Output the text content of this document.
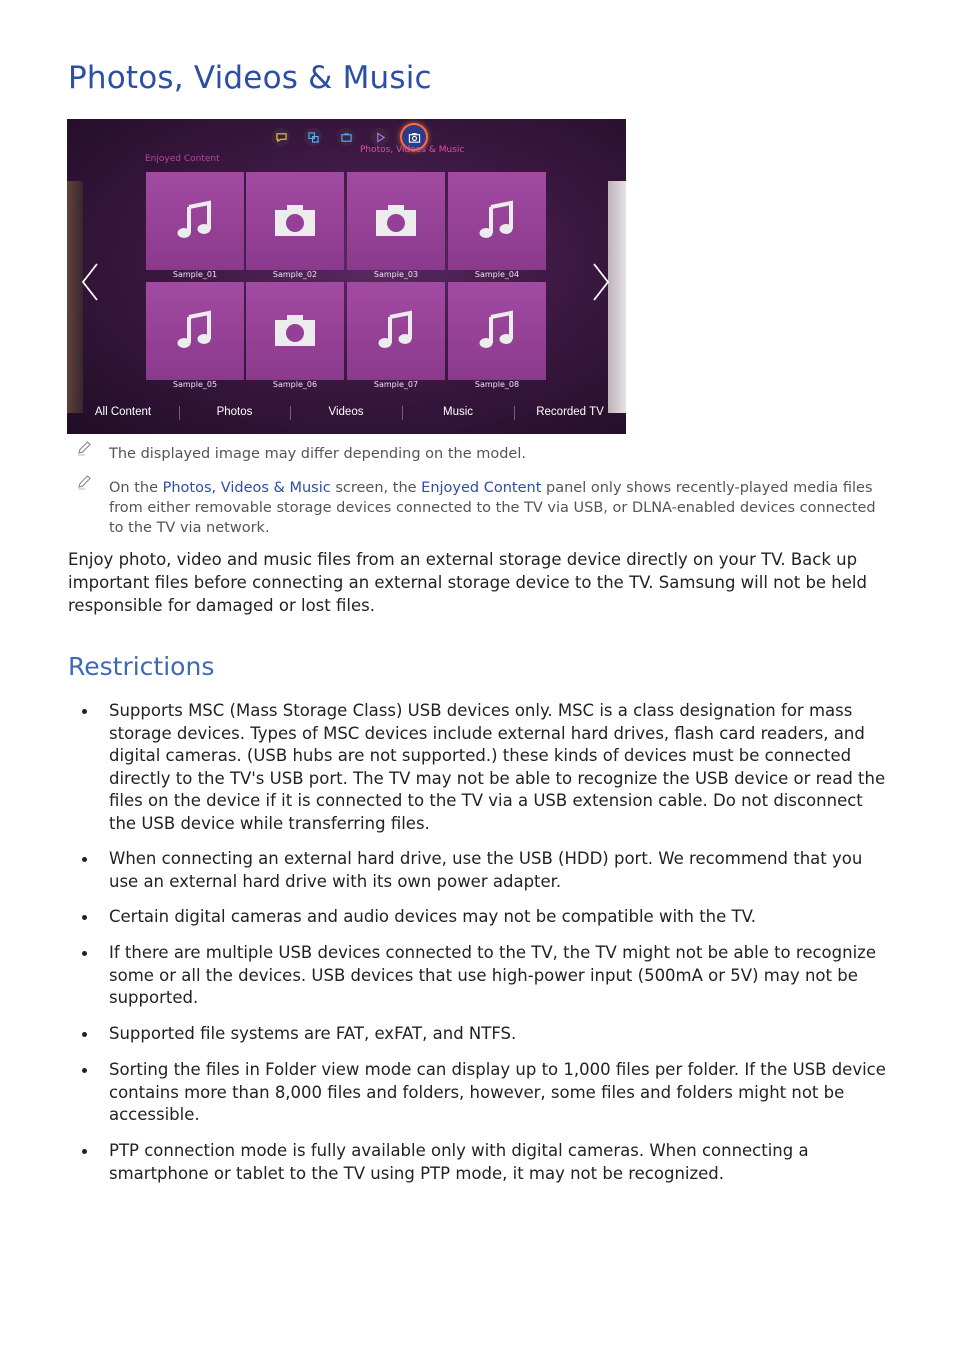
Photos, Videos & Music
Photos, Videos & Music
Enjoyed Content
Sample_01	Sample_02	Sample_03	Sample_04
Sample_05	Sample_06	Sample_07	Sample_08
All Content	Photos	Videos	Music	Recorded TV
The displayed image may differ depending on the model.
On the Photos, Videos & Music screen, the Enjoyed Content panel only shows recently-played media files from either removable storage devices connected to the TV via USB, or DLNA-enabled devices connected to the TV via network.

Enjoy photo, video and music files from an external storage device directly on your TV. Back up important files before connecting an external storage device to the TV. Samsung will not be held responsible for damaged or lost files.

Restrictions
Supports MSC (Mass Storage Class) USB devices only. MSC is a class designation for mass storage devices. Types of MSC devices include external hard drives, flash card readers, and digital cameras. (USB hubs are not supported.) these kinds of devices must be connected directly to the TV's USB port. The TV may not be able to recognize the USB device or read the files on the device if it is connected to the TV via a USB extension cable. Do not disconnect the USB device while transferring files.
When connecting an external hard drive, use the USB (HDD) port. We recommend that you use an external hard drive with its own power adapter.
Certain digital cameras and audio devices may not be compatible with the TV.
If there are multiple USB devices connected to the TV, the TV might not be able to recognize some or all the devices. USB devices that use high-power input (500mA or 5V) may not be supported.
Supported file systems are FAT, exFAT, and NTFS.
Sorting the files in Folder view mode can display up to 1,000 files per folder. If the USB device contains more than 8,000 files and folders, however, some files and folders might not be accessible.
PTP connection mode is fully available only with digital cameras. When connecting a smartphone or tablet to the TV using PTP mode, it may not be recognized.
